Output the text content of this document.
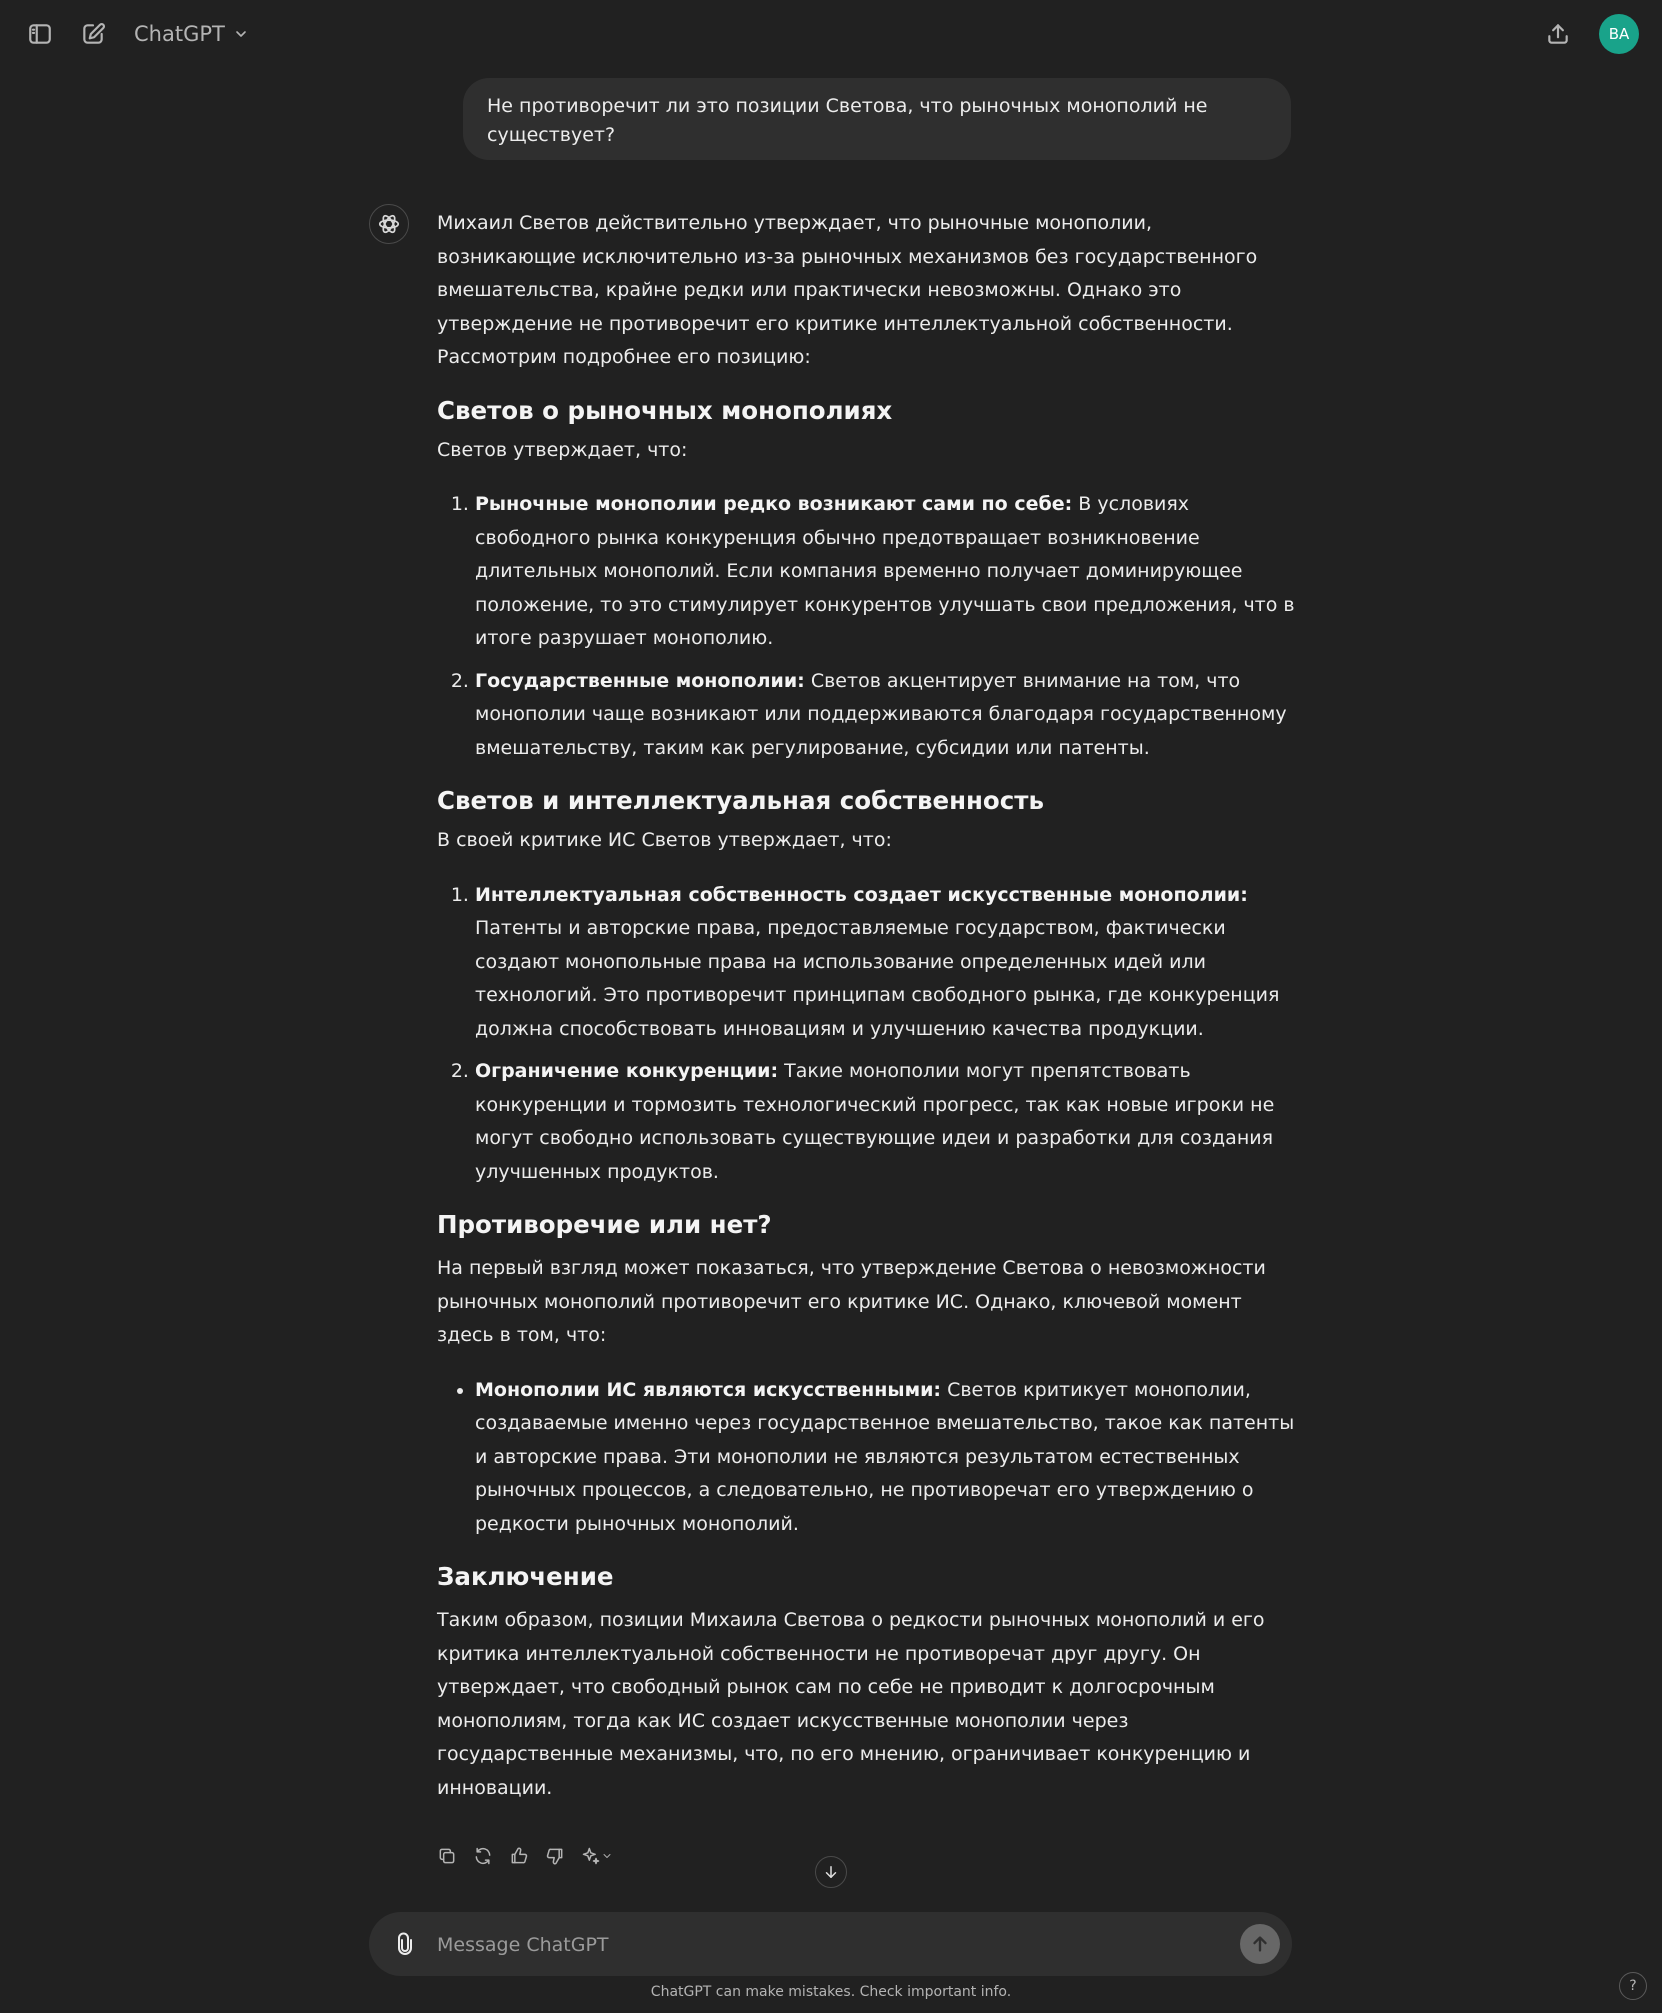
ChatGPT	BA
Не противоречит ли это позиции Светова, что рыночных монополий не существует?

Михаил Светов действительно утверждает, что рыночные монополии, возникающие исключительно из-за рыночных механизмов без государственного вмешательства, крайне редки или практически невозможны. Однако это утверждение не противоречит его критике интеллектуальной собственности. Рассмотрим подробнее его позицию:

Светов о рыночных монополиях

Светов утверждает, что:

1. Рыночные монополии редко возникают сами по себе: В условиях свободного рынка конкуренция обычно предотвращает возникновение длительных монополий. Если компания временно получает доминирующее положение, то это стимулирует конкурентов улучшать свои предложения, что в итоге разрушает монополию.
2. Государственные монополии: Светов акцентирует внимание на том, что монополии чаще возникают или поддерживаются благодаря государственному вмешательству, таким как регулирование, субсидии или патенты.
Светов и интеллектуальная собственность

В своей критике ИС Светов утверждает, что:

1. Интеллектуальная собственность создает искусственные монополии: Патенты и авторские права, предоставляемые государством, фактически создают монопольные права на использование определенных идей или технологий. Это противоречит принципам свободного рынка, где конкуренция должна способствовать инновациям и улучшению качества продукции.
2. Ограничение конкуренции: Такие монополии могут препятствовать конкуренции и тормозить технологический прогресс, так как новые игроки не могут свободно использовать существующие идеи и разработки для создания улучшенных продуктов.
Противоречие или нет?

На первый взгляд может показаться, что утверждение Светова о невозможности рыночных монополий противоречит его критике ИС. Однако, ключевой момент здесь в том, что:

• Монополии ИС являются искусственными: Светов критикует монополии, создаваемые именно через государственное вмешательство, такое как патенты и авторские права. Эти монополии не являются результатом естественных рыночных процессов, а следовательно, не противоречат его утверждению о редкости рыночных монополий.
Заключение

Таким образом, позиции Михаила Светова о редкости рыночных монополий и его критика интеллектуальной собственности не противоречат друг другу. Он утверждает, что свободный рынок сам по себе не приводит к долгосрочным монополиям, тогда как ИС создает искусственные монополии через государственные механизмы, что, по его мнению, ограничивает конкуренцию и инновации.

Message ChatGPT
ChatGPT can make mistakes. Check important info.	?
